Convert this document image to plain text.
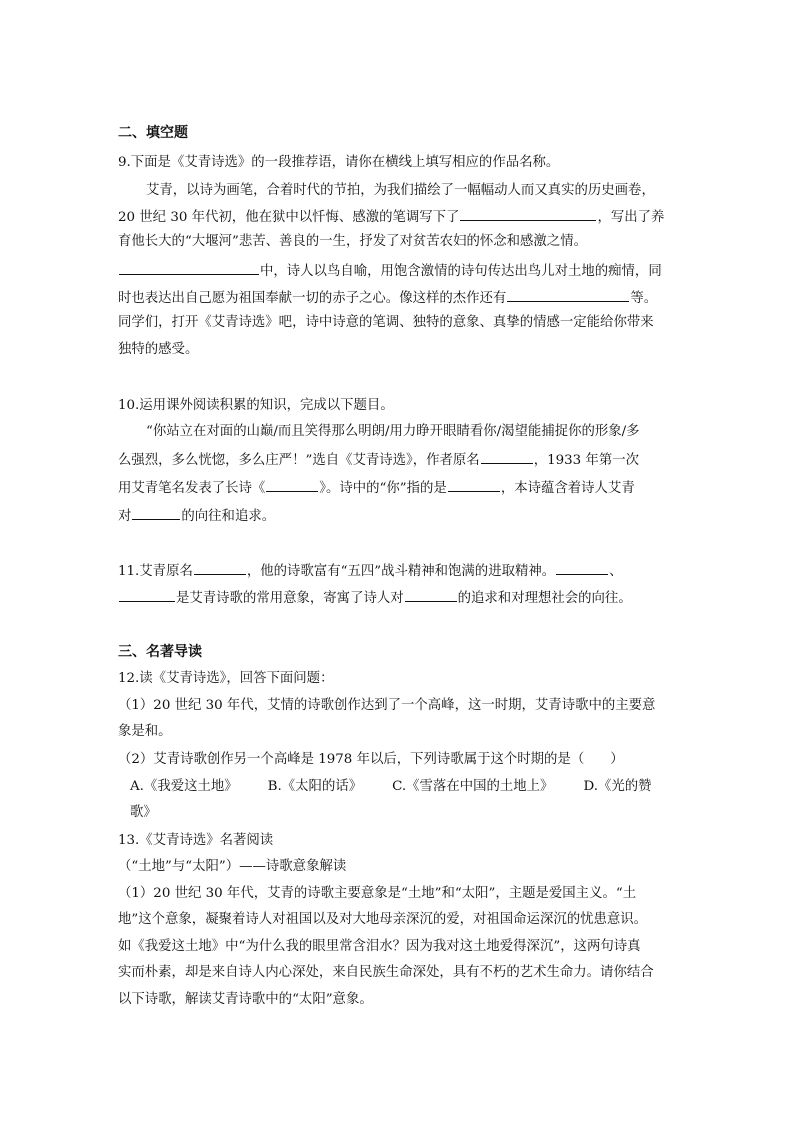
二、填空题
9.下面是《艾青诗选》的一段推荐语，请你在横线上填写相应的作品名称。
艾青，以诗为画笔，合着时代的节拍，为我们描绘了一幅幅动人而又真实的历史画卷，
20 世纪 30 年代初，他在狱中以忏悔、感激的笔调写下了	，写出了养
育他长大的“大堰河”悲苦、善良的一生，抒发了对贫苦农妇的怀念和感激之情。
中，诗人以鸟自喻，用饱含激情的诗句传达出鸟儿对土地的痴情，同
时也表达出自己愿为祖国奉献一切的赤子之心。像这样的杰作还有	等。
同学们，打开《艾青诗选》吧，诗中诗意的笔调、独特的意象、真挚的情感一定能给你带来
独特的感受。
10.运用课外阅读积累的知识，完成以下题目。
“你站立在对面的山巅/而且笑得那么明朗/用力睁开眼睛看你/渴望能捕捉你的形象/多
么强烈，多么恍惚，多么庄严！”选自《艾青诗选》，作者原名	，1933 年第一次
用艾青笔名发表了长诗《	》。诗中的“你”指的是	，本诗蕴含着诗人艾青
对	的向往和追求。
11.艾青原名	，他的诗歌富有“五四”战斗精神和饱满的进取精神。	、
是艾青诗歌的常用意象，寄寓了诗人对	的追求和对理想社会的向往。
三、名著导读
12.读《艾青诗选》，回答下面问题：
（1）20 世纪 30 年代，艾情的诗歌创作达到了一个高峰，这一时期，艾青诗歌中的主要意
象是和。
（2）艾青诗歌创作另一个高峰是 1978 年以后，下列诗歌属于这个时期的是（ ）
A.《我爱这土地》 B.《太阳的话》 C.《雪落在中国的土地上》 D.《光的赞
歌》
13.《艾青诗选》名著阅读
（“土地”与“太阳”）——诗歌意象解读
（1）20 世纪 30 年代，艾青的诗歌主要意象是“土地”和“太阳”，主题是爱国主义。“土
地”这个意象，凝聚着诗人对祖国以及对大地母亲深沉的爱，对祖国命运深沉的忧患意识。
如《我爱这土地》中“为什么我的眼里常含泪水？因为我对这土地爱得深沉”，这两句诗真
实而朴素，却是来自诗人内心深处，来自民族生命深处，具有不朽的艺术生命力。请你结合
以下诗歌，解读艾青诗歌中的“太阳”意象。
